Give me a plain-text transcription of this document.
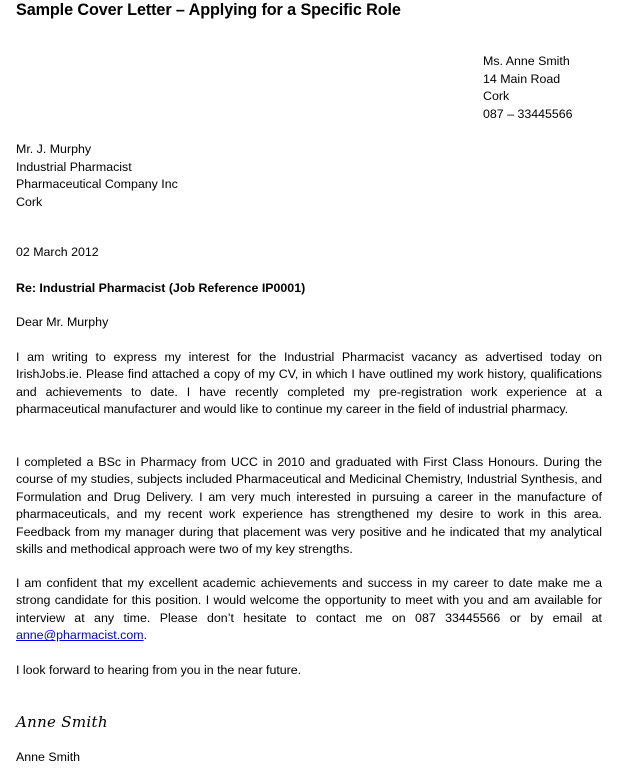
Sample Cover Letter – Applying for a Specific Role
Ms. Anne Smith
14 Main Road
Cork
087 – 33445566
Mr. J. Murphy
Industrial Pharmacist
Pharmaceutical Company Inc
Cork
02 March 2012
Re: Industrial Pharmacist (Job Reference IP0001)
Dear Mr. Murphy

I am writing to express my interest for the Industrial Pharmacist vacancy as advertised today on IrishJobs.ie. Please find attached a copy of my CV, in which I have outlined my work history, qualifications and achievements to date. I have recently completed my pre-registration work experience at a pharmaceutical manufacturer and would like to continue my career in the field of industrial pharmacy.

I completed a BSc in Pharmacy from UCC in 2010 and graduated with First Class Honours. During the course of my studies, subjects included Pharmaceutical and Medicinal Chemistry, Industrial Synthesis, and Formulation and Drug Delivery. I am very much interested in pursuing a career in the manufacture of pharmaceuticals, and my recent work experience has strengthened my desire to work in this area. Feedback from my manager during that placement was very positive and he indicated that my analytical skills and methodical approach were two of my key strengths.

I am confident that my excellent academic achievements and success in my career to date make me a strong candidate for this position. I would welcome the opportunity to meet with you and am available for interview at any time. Please don’t hesitate to contact me on 087 33445566 or by email at anne@pharmacist.com.

I look forward to hearing from you in the near future.

Anne Smith
Anne Smith
